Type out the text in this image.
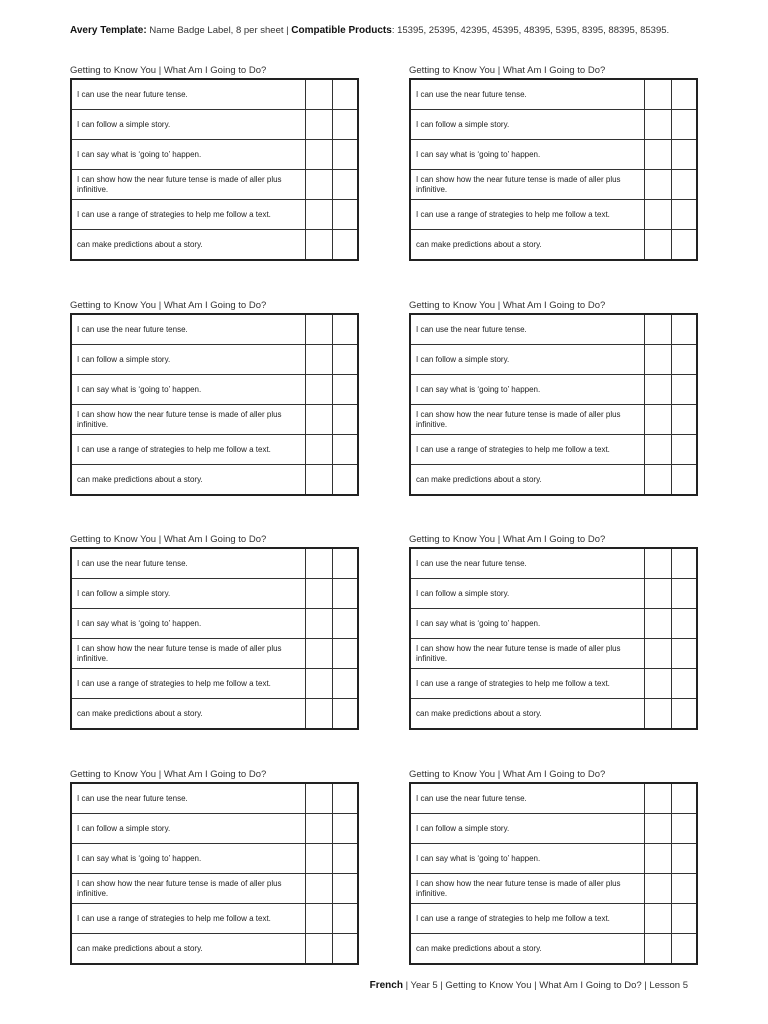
Avery Template: Name Badge Label, 8 per sheet | Compatible Products: 15395, 25395, 42395, 45395, 48395, 5395, 8395, 88395, 85395.
Getting to Know You | What Am I Going to Do?
I can use the near future tense.		
I can follow a simple story.		
I can say what is ‘going to’ happen.		
I can show how the near future tense is made of aller plus infinitive.		
I can use a range of strategies to help me follow a text.		
can make predictions about a story.		
Getting to Know You | What Am I Going to Do?
I can use the near future tense.		
I can follow a simple story.		
I can say what is ‘going to’ happen.		
I can show how the near future tense is made of aller plus infinitive.		
I can use a range of strategies to help me follow a text.		
can make predictions about a story.		
Getting to Know You | What Am I Going to Do?
I can use the near future tense.		
I can follow a simple story.		
I can say what is ‘going to’ happen.		
I can show how the near future tense is made of aller plus infinitive.		
I can use a range of strategies to help me follow a text.		
can make predictions about a story.		
Getting to Know You | What Am I Going to Do?
I can use the near future tense.		
I can follow a simple story.		
I can say what is ‘going to’ happen.		
I can show how the near future tense is made of aller plus infinitive.		
I can use a range of strategies to help me follow a text.		
can make predictions about a story.		
Getting to Know You | What Am I Going to Do?
I can use the near future tense.		
I can follow a simple story.		
I can say what is ‘going to’ happen.		
I can show how the near future tense is made of aller plus infinitive.		
I can use a range of strategies to help me follow a text.		
can make predictions about a story.		
Getting to Know You | What Am I Going to Do?
I can use the near future tense.		
I can follow a simple story.		
I can say what is ‘going to’ happen.		
I can show how the near future tense is made of aller plus infinitive.		
I can use a range of strategies to help me follow a text.		
can make predictions about a story.		
Getting to Know You | What Am I Going to Do?
I can use the near future tense.		
I can follow a simple story.		
I can say what is ‘going to’ happen.		
I can show how the near future tense is made of aller plus infinitive.		
I can use a range of strategies to help me follow a text.		
can make predictions about a story.		
Getting to Know You | What Am I Going to Do?
I can use the near future tense.		
I can follow a simple story.		
I can say what is ‘going to’ happen.		
I can show how the near future tense is made of aller plus infinitive.		
I can use a range of strategies to help me follow a text.		
can make predictions about a story.		
French | Year 5 | Getting to Know You | What Am I Going to Do? | Lesson 5
